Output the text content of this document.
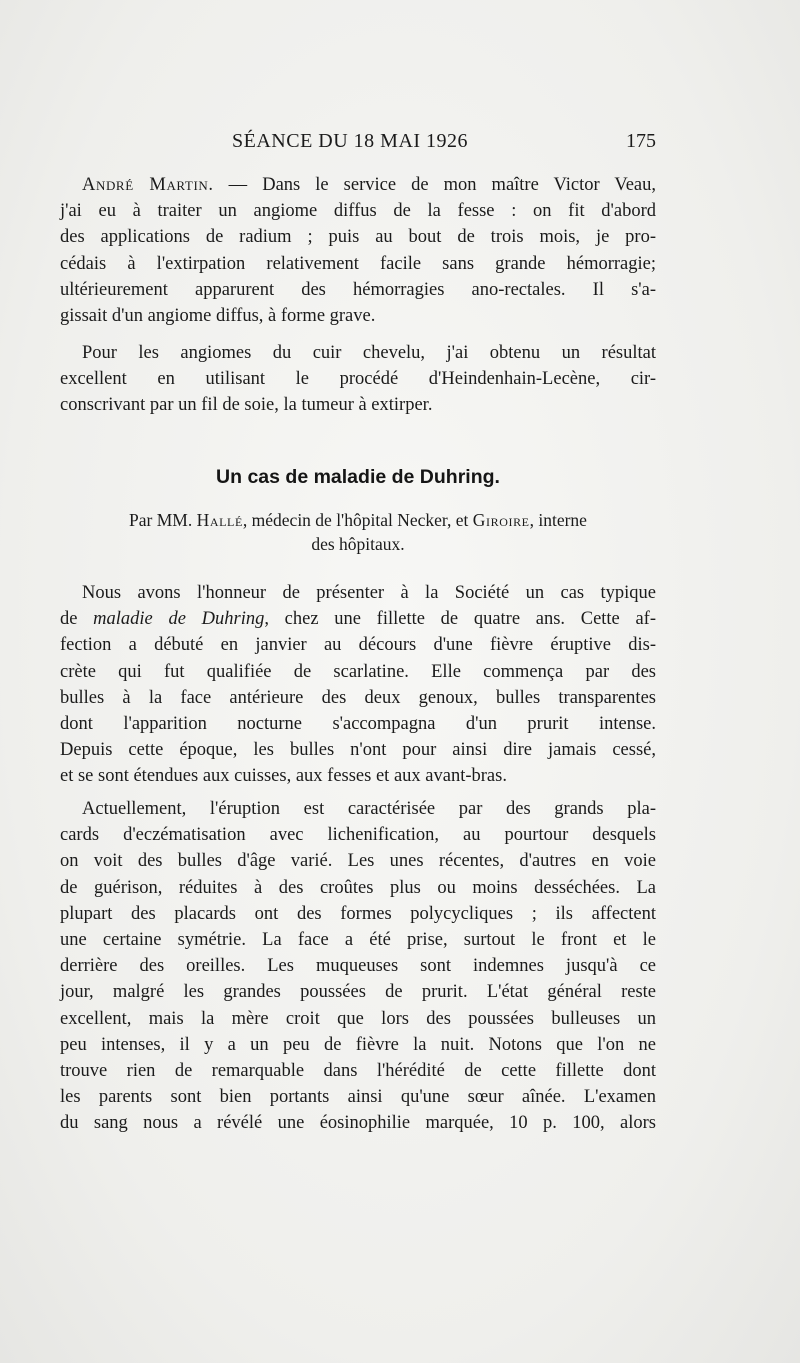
SÉANCE DU 18 MAI 1926	175
André Martin. — Dans le service de mon maître Victor Veau,
j'ai eu à traiter un angiome diffus de la fesse : on fit d'abord
des applications de radium ; puis au bout de trois mois, je pro-
cédais à l'extirpation relativement facile sans grande hémorragie;
ultérieurement apparurent des hémorragies ano-rectales. Il s'a-
gissait d'un angiome diffus, à forme grave.
Pour les angiomes du cuir chevelu, j'ai obtenu un résultat
excellent en utilisant le procédé d'Heindenhain-Lecène, cir-
conscrivant par un fil de soie, la tumeur à extirper.
Un cas de maladie de Duhring.
Par MM. Hallé, médecin de l'hôpital Necker, et Giroire, interne
des hôpitaux.
Nous avons l'honneur de présenter à la Société un cas typique
de maladie de Duhring, chez une fillette de quatre ans. Cette af-
fection a débuté en janvier au décours d'une fièvre éruptive dis-
crète qui fut qualifiée de scarlatine. Elle commença par des
bulles à la face antérieure des deux genoux, bulles transparentes
dont l'apparition nocturne s'accompagna d'un prurit intense.
Depuis cette époque, les bulles n'ont pour ainsi dire jamais cessé,
et se sont étendues aux cuisses, aux fesses et aux avant-bras.
Actuellement, l'éruption est caractérisée par des grands pla-
cards d'eczématisation avec lichenification, au pourtour desquels
on voit des bulles d'âge varié. Les unes récentes, d'autres en voie
de guérison, réduites à des croûtes plus ou moins desséchées. La
plupart des placards ont des formes polycycliques ; ils affectent
une certaine symétrie. La face a été prise, surtout le front et le
derrière des oreilles. Les muqueuses sont indemnes jusqu'à ce
jour, malgré les grandes poussées de prurit. L'état général reste
excellent, mais la mère croit que lors des poussées bulleuses un
peu intenses, il y a un peu de fièvre la nuit. Notons que l'on ne
trouve rien de remarquable dans l'hérédité de cette fillette dont
les parents sont bien portants ainsi qu'une sœur aînée. L'examen
du sang nous a révélé une éosinophilie marquée, 10 p. 100, alors
